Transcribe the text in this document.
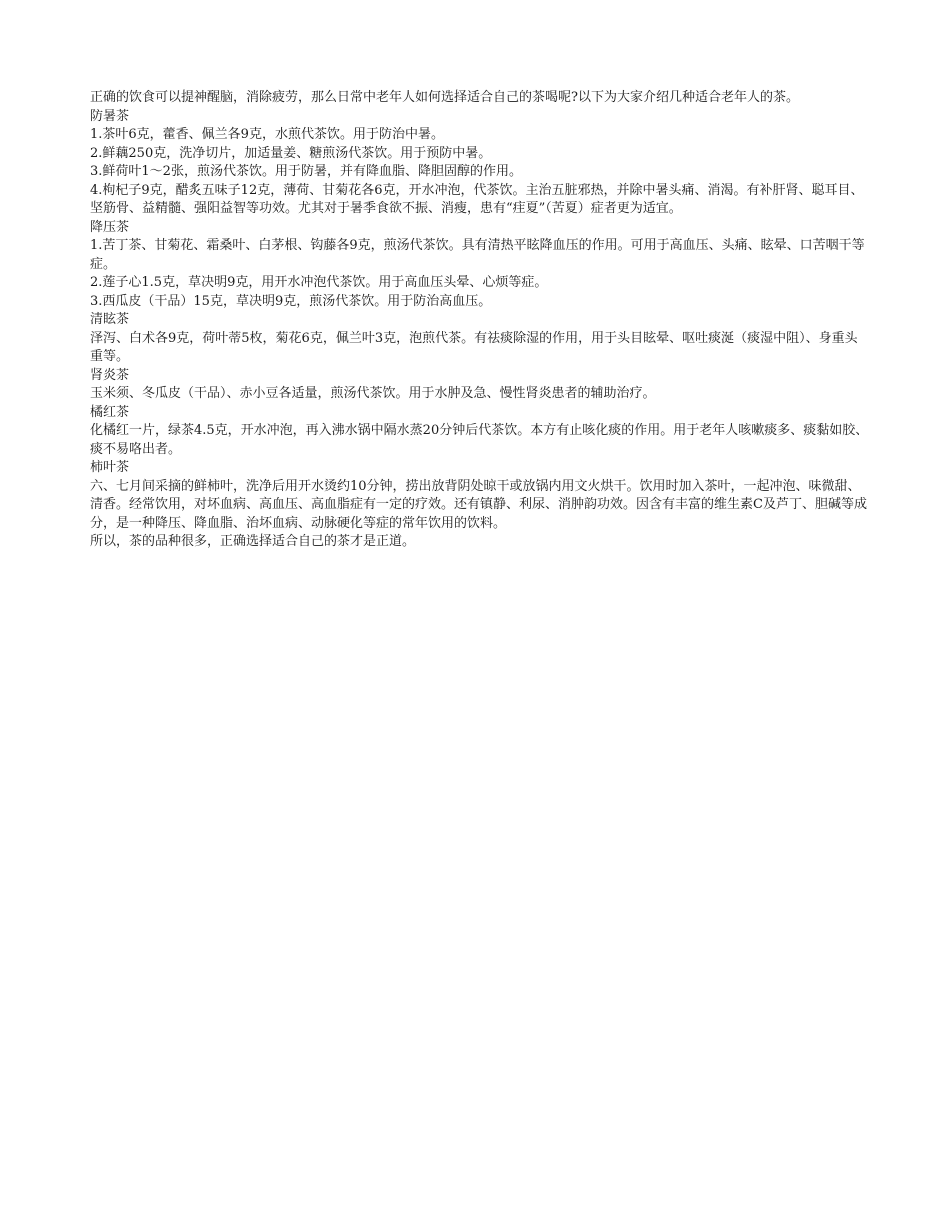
正确的饮食可以提神醒脑，消除疲劳，那么日常中老年人如何选择适合自己的茶喝呢?以下为大家介绍几种适合老年人的茶。

防暑茶

1.茶叶6克，藿香、佩兰各9克，水煎代茶饮。用于防治中暑。

2.鲜藕250克，洗净切片，加适量姜、糖煎汤代茶饮。用于预防中暑。

3.鲜荷叶1～2张，煎汤代茶饮。用于防暑，并有降血脂、降胆固醇的作用。

4.枸杞子9克，醋炙五味子12克，薄荷、甘菊花各6克，开水冲泡，代茶饮。主治五脏邪热，并除中暑头痛、消渴。有补肝肾、聪耳目、坚筋骨、益精髓、强阳益智等功效。尤其对于暑季食欲不振、消瘦，患有“疰夏”（苦夏）症者更为适宜。

降压茶

1.苦丁茶、甘菊花、霜桑叶、白茅根、钩藤各9克，煎汤代茶饮。具有清热平眩降血压的作用。可用于高血压、头痛、眩晕、口苦咽干等症。

2.莲子心1.5克，草决明9克，用开水冲泡代茶饮。用于高血压头晕、心烦等症。

3.西瓜皮（干品）15克，草决明9克，煎汤代茶饮。用于防治高血压。

清眩茶

泽泻、白术各9克，荷叶蒂5枚，菊花6克，佩兰叶3克，泡煎代茶。有祛痰除湿的作用，用于头目眩晕、呕吐痰涎（痰湿中阻）、身重头重等。

肾炎茶

玉米须、冬瓜皮（干品）、赤小豆各适量，煎汤代茶饮。用于水肿及急、慢性肾炎患者的辅助治疗。

橘红茶

化橘红一片，绿茶4.5克，开水冲泡，再入沸水锅中隔水蒸20分钟后代茶饮。本方有止咳化痰的作用。用于老年人咳嗽痰多、痰黏如胶、痰不易咯出者。

柿叶茶

六、七月间采摘的鲜柿叶，洗净后用开水烫约10分钟，捞出放背阴处晾干或放锅内用文火烘干。饮用时加入茶叶，一起冲泡、味微甜、清香。经常饮用，对坏血病、高血压、高血脂症有一定的疗效。还有镇静、利尿、消肿韵功效。因含有丰富的维生素C及芦丁、胆碱等成分，是一种降压、降血脂、治坏血病、动脉硬化等症的常年饮用的饮料。

所以，茶的品种很多，正确选择适合自己的茶才是正道。
